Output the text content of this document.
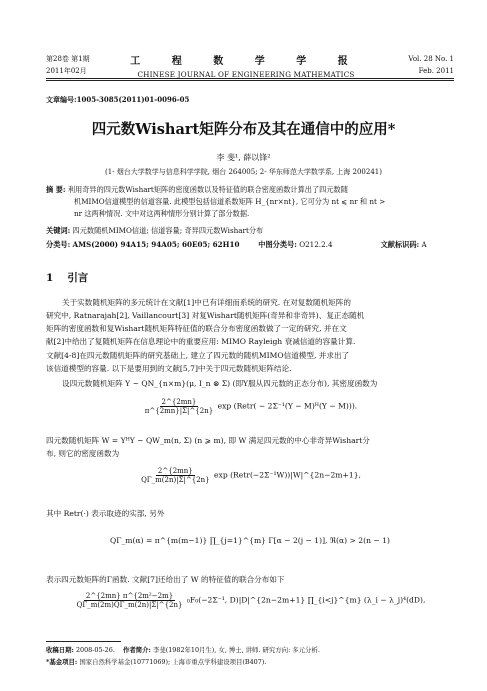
第28卷 第1期
2011年02月
工 程 数 学 学 报
CHINESE JOURNAL OF ENGINEERING MATHEMATICS
Vol. 28 No. 1
Feb. 2011
文章编号:1005-3085(2011)01-0096-05
四元数Wishart矩阵分布及其在通信中的应用*
李 斐¹, 薛以锋²
(1- 烟台大学数学与信息科学学院, 烟台 264005; 2- 华东师范大学数学系, 上海 200241)
摘 要: 利用奇异的四元数Wishart矩阵的密度函数以及特征值的联合密度函数计算出了四元数随
机MIMO信道模型的信道容量. 此模型包括信道系数矩阵 H_{nr×nt}, 它可分为 nt ⩽ nr 和 nt >
nr 这两种情况. 文中对这两种情形分别计算了部分数据.
关键词: 四元数随机MIMO信道; 信道容量; 奇异四元数Wishart分布
分类号: AMS(2000) 94A15; 94A05; 60E05; 62H10	中图分类号: O212.2.4	文献标识码: A
1 引言
关于实数随机矩阵的多元统计在文献[1]中已有详细而系统的研究. 在对复数随机矩阵的
研究中, Ratnarajah[2], Vaillancourt[3] 对复Wishart随机矩阵(奇异和非奇异)、复正态随机
矩阵的密度函数和复Wishart随机矩阵特征值的联合分布密度函数做了一定的研究, 并在文
献[2]中给出了复随机矩阵在信息理论中的重要应用: MIMO Rayleigh 衰减信道的容量计算.
文献[4-8]在四元数随机矩阵的研究基础上, 建立了四元数的随机MIMO信道模型, 并求出了
该信道模型的容量. 以下是要用到的文献[5,7]中关于四元数随机矩阵结论.
设四元数随机矩阵 Y ~ QN_{n×m}(μ, I_n ⊗ Σ) (即Y服从四元数的正态分布), 其密度函数为
$\frac{2\^{}\{2mn\}}{\pi\^{}\{2mn\}|\Sigma|\^{}\{2n\}}$ exp (Retr( − 2Σ⁻¹(Y − M)ᴴ(Y − M))).
四元数随机矩阵 W = YᴴY ~ QW_m(n, Σ) (n ⩾ m), 即 W 满足四元数的中心非奇异Wishart分
布, 则它的密度函数为
$\frac{2\^{}\{2mn\}}{Q\Gamma\_m(2n)|\Sigma|\^{}\{2n\}}$ exp (Retr(−2Σ⁻¹W))|W|^{2n−2m+1},
其中 Retr(·) 表示取迹的实部, 另外
QΓ_m(α) = π^{m(m−1)} ∏_{j=1}^{m} Γ[α − 2(j − 1)], ℜ(α) > 2(n − 1)
表示四元数矩阵的Γ函数. 文献[7]还给出了 W 的特征值的联合分布如下
$\frac{\text{2\textasciicircum{}\{2mn\} π\textasciicircum{}\{2m²−2m\}}}{Q\Gamma\_m(2m)Q\Gamma\_m(2n)|\Sigma|\^{}\{2n\}} _0F_0(-2\Sigma^{-1}$, D)|D|^{2n−2m+1} ∏_{i<j}^{m} (λ_i − λ_j)⁴(dD),
收稿日期: 2008-05-26. 作者简介: 李斐(1982年10月生), 女, 博士, 讲师. 研究方向: 多元分析.
*基金项目: 国家自然科学基金(10771069); 上海市重点学科建设项目(B407).
